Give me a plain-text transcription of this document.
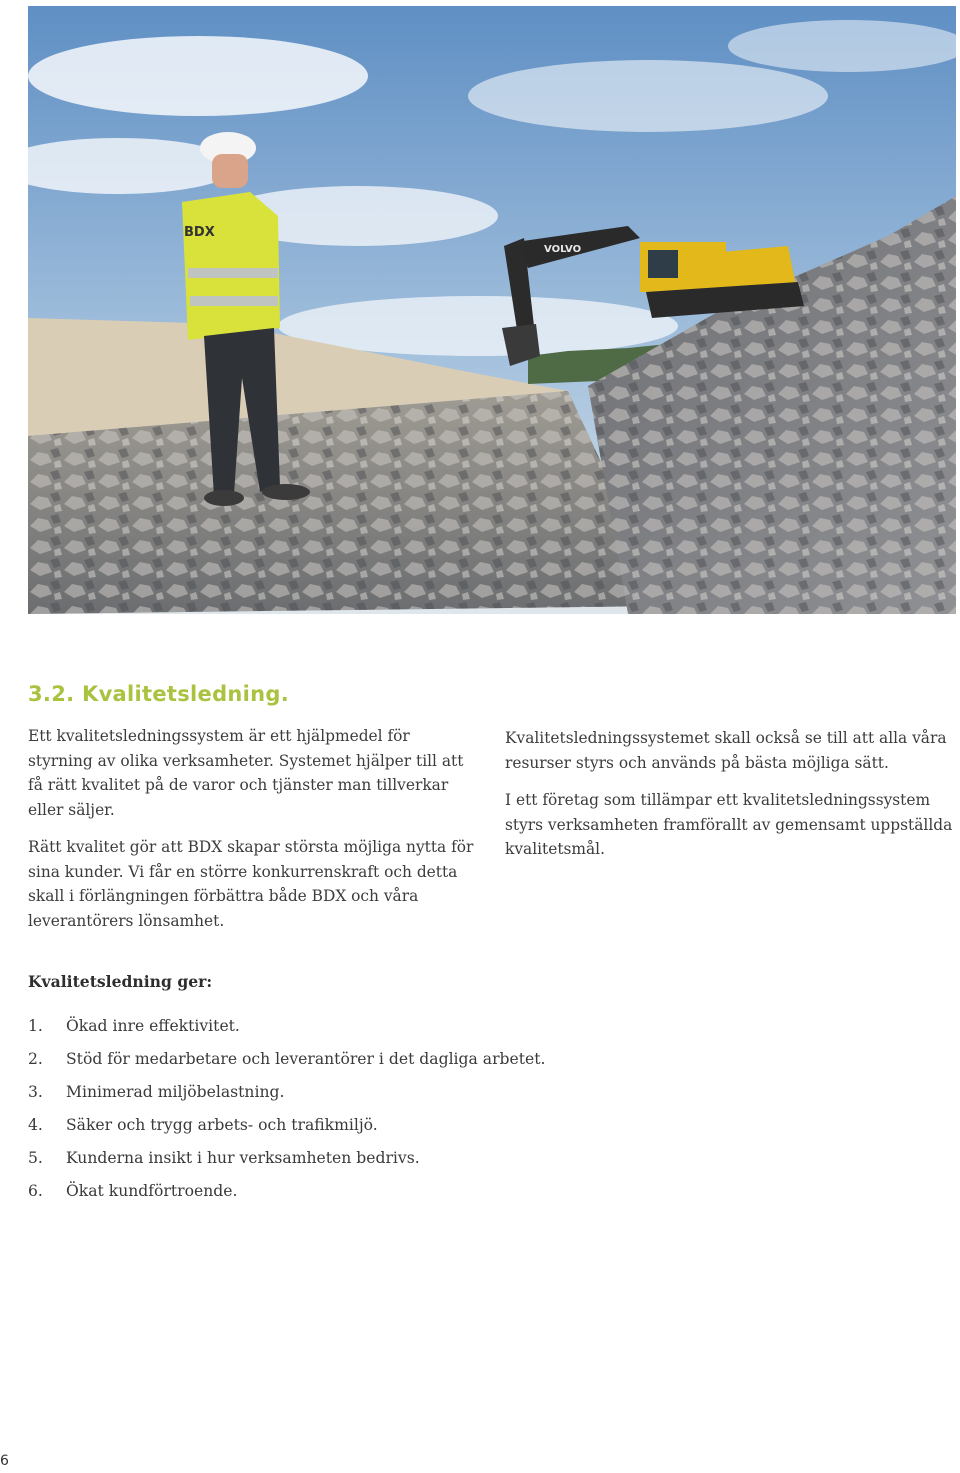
VOLVO
BDX
3.2. Kvalitetsledning.

Ett kvalitetsledningssystem är ett hjälpmedel för styrning av olika verksamheter. Systemet hjälper till att få rätt kvalitet på de varor och tjänster man tillverkar eller säljer.

Rätt kvalitet gör att BDX skapar största möjliga nytta för sina kunder. Vi får en större konkurrenskraft och detta skall i förlängningen förbättra både BDX och våra leverantörers lönsamhet.

Kvalitetsledningssystemet skall också se till att alla våra resurser styrs och används på bästa möjliga sätt.

I ett företag som tillämpar ett kvalitetsledningssystem styrs verksamheten framförallt av gemensamt uppställda kvalitetsmål.

Kvalitetsledning ger:
1. Ökad inre effektivitet.
2. Stöd för medarbetare och leverantörer i det dagliga arbetet.
3. Minimerad miljöbelastning.
4. Säker och trygg arbets- och trafikmiljö.
5. Kunderna insikt i hur verksamheten bedrivs.
6. Ökat kundförtroende.
6
